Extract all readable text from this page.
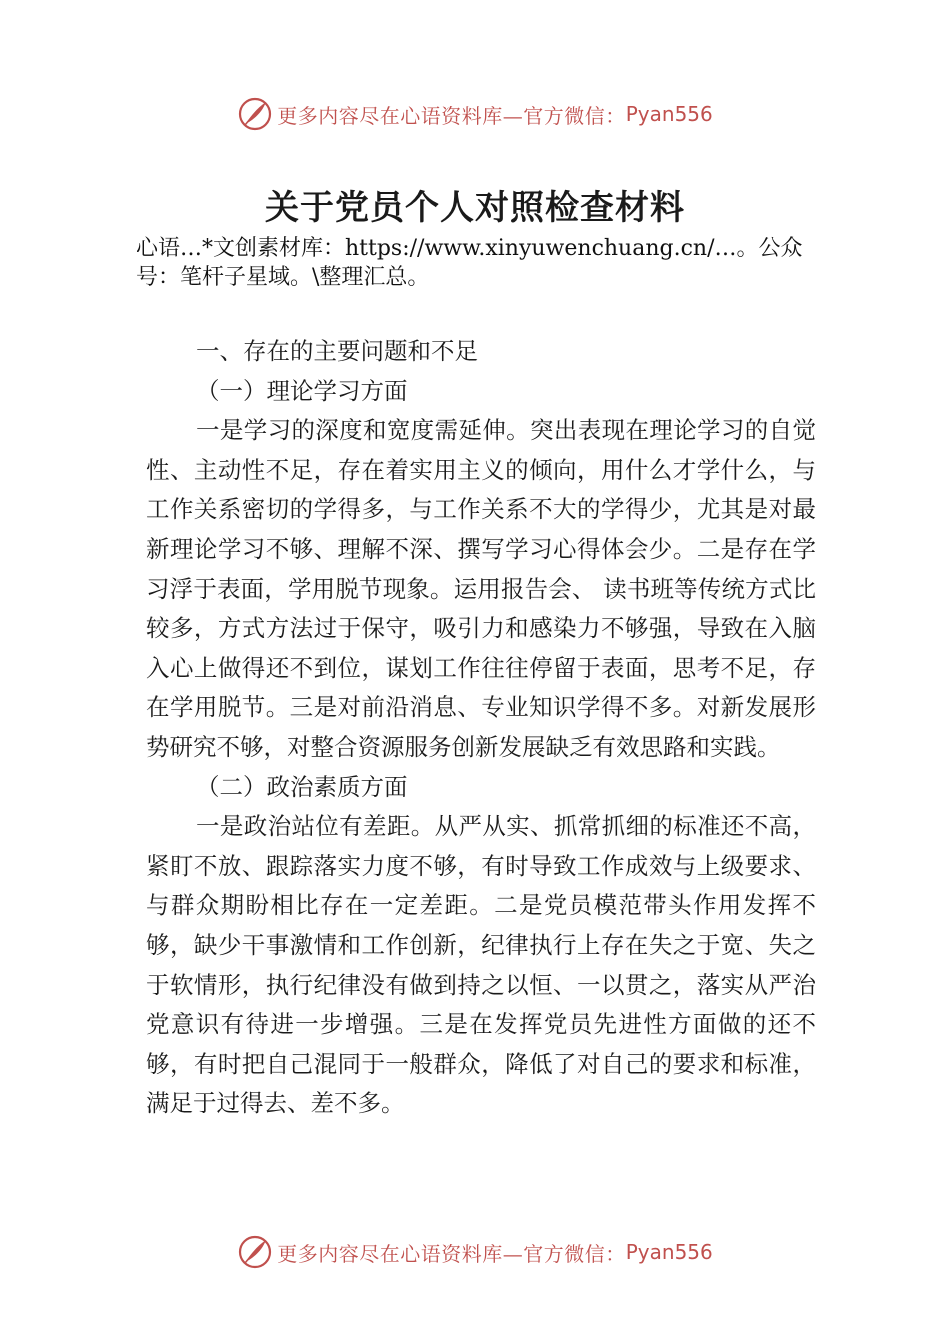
更多内容尽在心语资料库—官方微信： Pyan556
关于党员个人对照检查材料
心语…*文创素材库：https://www.xinyuwenchuang.cn/…。公众号：笔杆子星域。\整理汇总。

一、存在的主要问题和不足

（一）理论学习方面

一是学习的深度和宽度需延伸。突出表现在理论学习的自觉性、主动性不足，存在着实用主义的倾向，用什么才学什么，与工作关系密切的学得多，与工作关系不大的学得少，尤其是对最新理论学习不够、理解不深、撰写学习心得体会少。二是存在学习浮于表面，学用脱节现象。运用报告会、 读书班等传统方式比较多，方式方法过于保守，吸引力和感染力不够强，导致在入脑入心上做得还不到位，谋划工作往往停留于表面，思考不足，存在学用脱节。三是对前沿消息、专业知识学得不多。对新发展形势研究不够，对整合资源服务创新发展缺乏有效思路和实践。

（二）政治素质方面

一是政治站位有差距。从严从实、抓常抓细的标准还不高，紧盯不放、跟踪落实力度不够，有时导致工作成效与上级要求、与群众期盼相比存在一定差距。二是党员模范带头作用发挥不够，缺少干事激情和工作创新，纪律执行上存在失之于宽、失之于软情形，执行纪律没有做到持之以恒、一以贯之，落实从严治党意识有待进一步增强。三是在发挥党员先进性方面做的还不够，有时把自己混同于一般群众，降低了对自己的要求和标准，满足于过得去、差不多。

更多内容尽在心语资料库—官方微信： Pyan556
